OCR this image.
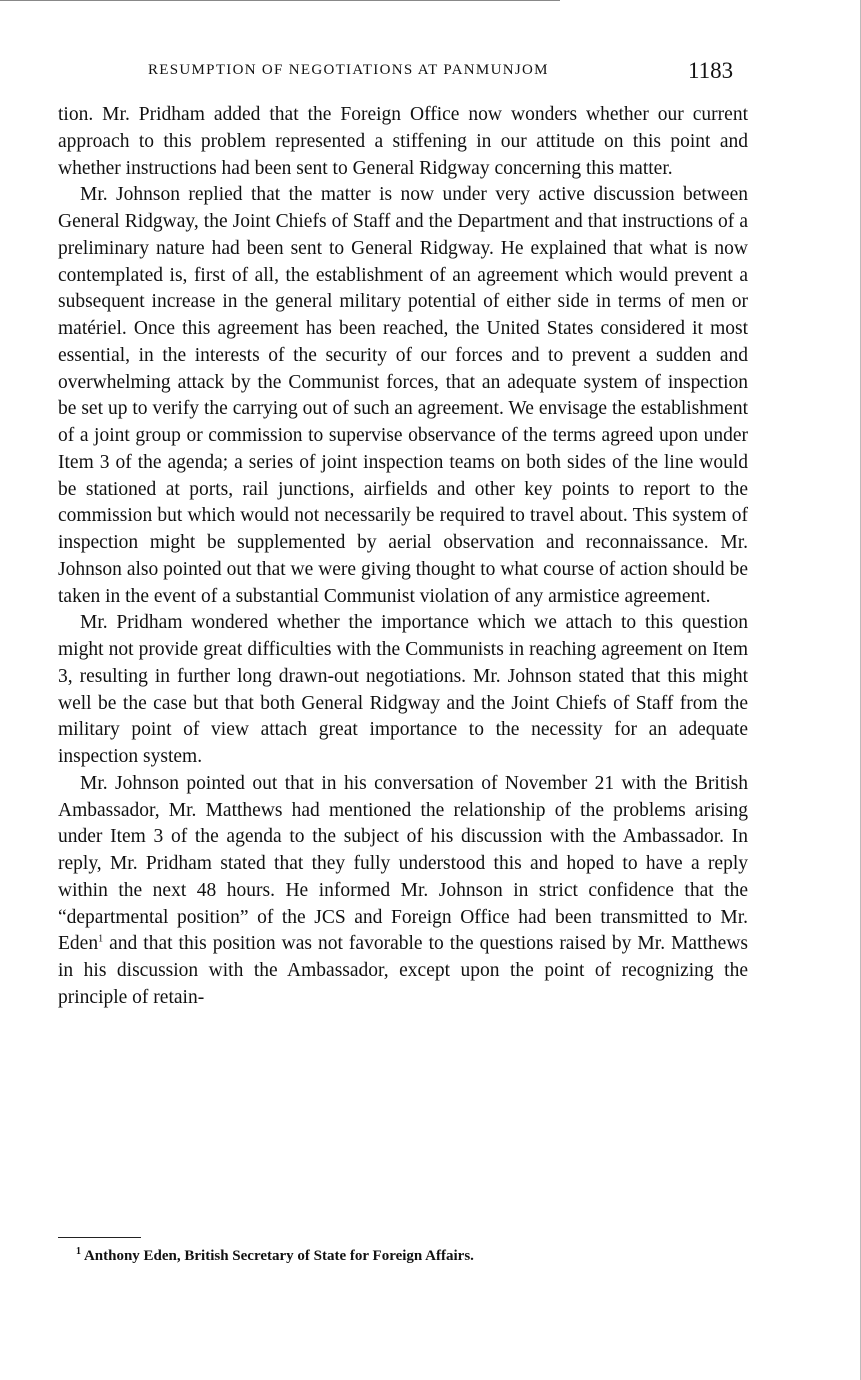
RESUMPTION OF NEGOTIATIONS AT PANMUNJOM	1183

tion. Mr. Pridham added that the Foreign Office now wonders whether our current approach to this problem represented a stiffening in our attitude on this point and whether instructions had been sent to General Ridgway concerning this matter.

Mr. Johnson replied that the matter is now under very active discussion between General Ridgway, the Joint Chiefs of Staff and the Department and that instructions of a preliminary nature had been sent to General Ridgway. He explained that what is now contemplated is, first of all, the establishment of an agreement which would prevent a subsequent increase in the general military potential of either side in terms of men or matériel. Once this agreement has been reached, the United States considered it most essential, in the interests of the security of our forces and to prevent a sudden and overwhelming attack by the Communist forces, that an adequate system of inspection be set up to verify the carrying out of such an agreement. We envisage the establishment of a joint group or commission to supervise observance of the terms agreed upon under Item 3 of the agenda; a series of joint inspection teams on both sides of the line would be stationed at ports, rail junctions, airfields and other key points to report to the commission but which would not necessarily be required to travel about. This system of inspection might be supplemented by aerial observation and reconnaissance. Mr. Johnson also pointed out that we were giving thought to what course of action should be taken in the event of a substantial Communist violation of any armistice agreement.

Mr. Pridham wondered whether the importance which we attach to this question might not provide great difficulties with the Communists in reaching agreement on Item 3, resulting in further long drawn-out negotiations. Mr. Johnson stated that this might well be the case but that both General Ridgway and the Joint Chiefs of Staff from the military point of view attach great importance to the necessity for an adequate inspection system.

Mr. Johnson pointed out that in his conversation of November 21 with the British Ambassador, Mr. Matthews had mentioned the relationship of the problems arising under Item 3 of the agenda to the subject of his discussion with the Ambassador. In reply, Mr. Pridham stated that they fully understood this and hoped to have a reply within the next 48 hours. He informed Mr. Johnson in strict confidence that the “departmental position” of the JCS and Foreign Office had been transmitted to Mr. Eden$^1$ and that this position was not favorable to the questions raised by Mr. Matthews in his discussion with the Ambassador, except upon the point of recognizing the principle of retain-

$^1$ Anthony Eden, British Secretary of State for Foreign Affairs.
